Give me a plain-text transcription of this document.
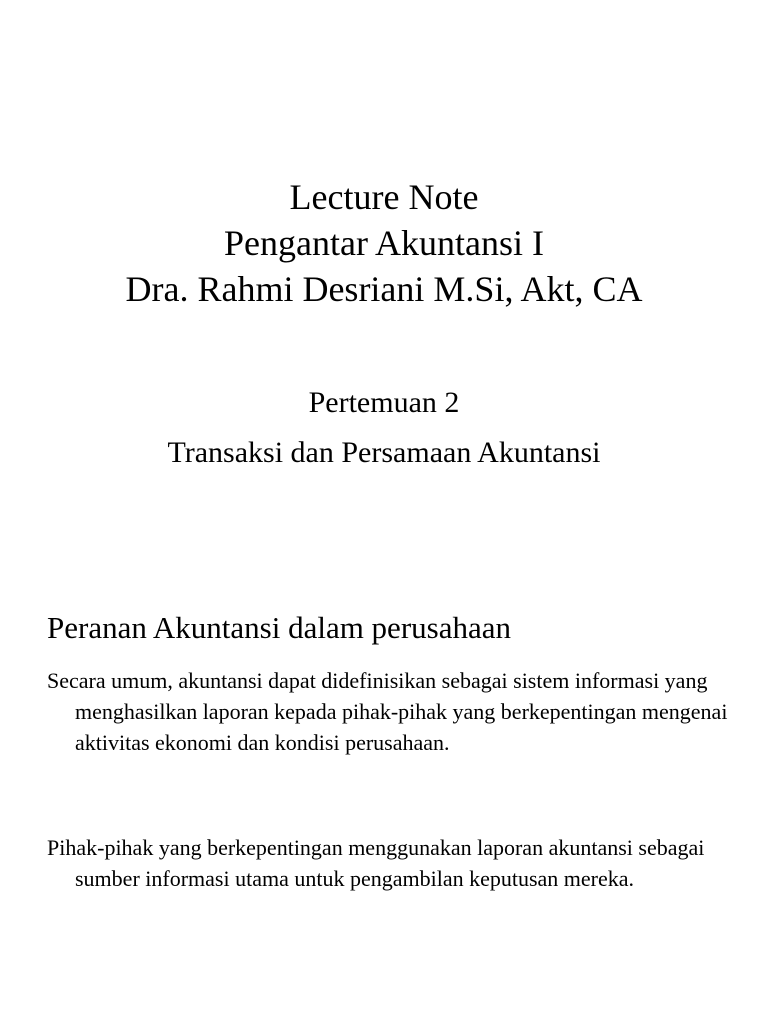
Lecture Note
Pengantar Akuntansi I
Dra. Rahmi Desriani M.Si, Akt, CA
Pertemuan 2
Transaksi dan Persamaan Akuntansi
Peranan Akuntansi dalam perusahaan
Secara umum, akuntansi dapat didefinisikan sebagai sistem informasi yang menghasilkan laporan kepada pihak-pihak yang berkepentingan mengenai aktivitas ekonomi dan kondisi perusahaan.
Pihak-pihak yang berkepentingan menggunakan laporan akuntansi sebagai sumber informasi utama untuk pengambilan keputusan mereka.
